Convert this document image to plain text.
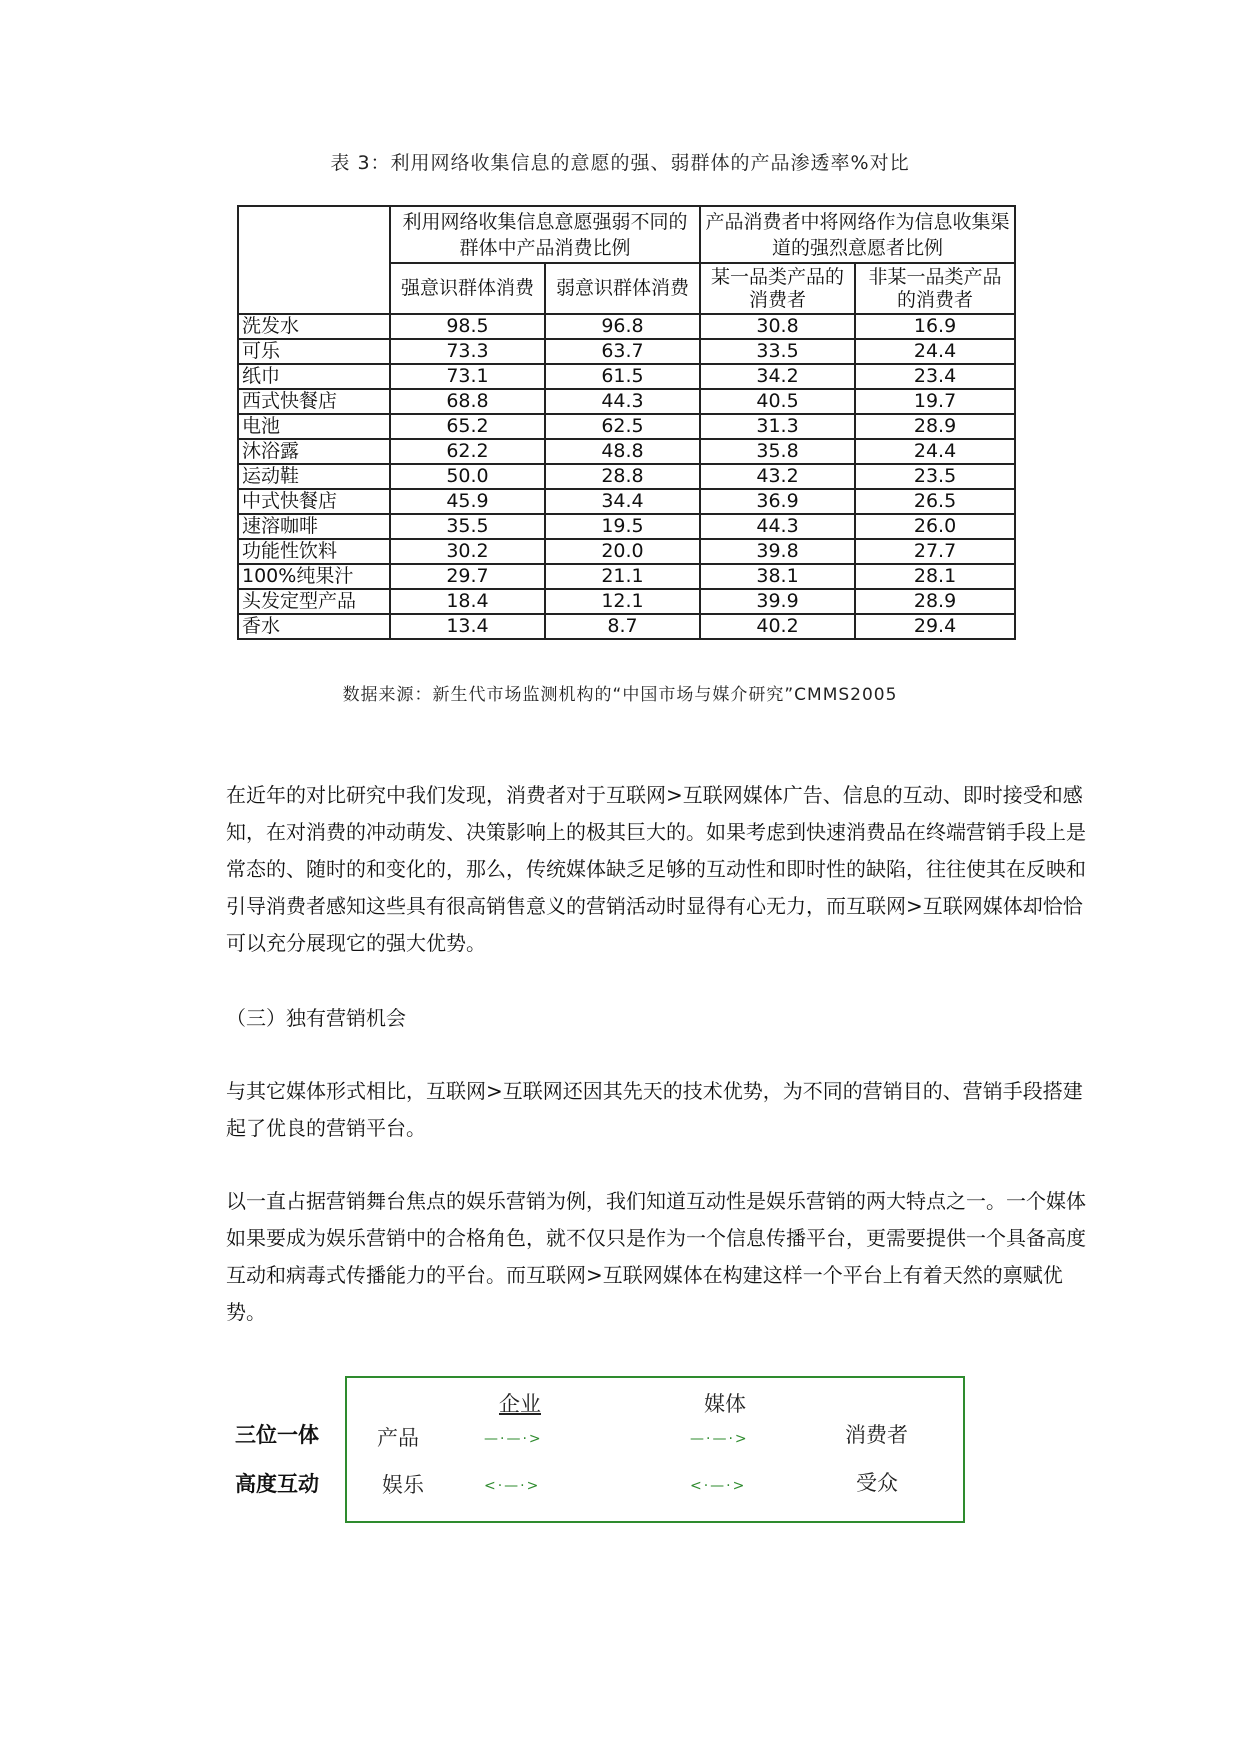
表 3：利用网络收集信息的意愿的强、弱群体的产品渗透率%对比
	利用网络收集信息意愿强弱不同的群体中产品消费比例		产品消费者中将网络作为信息收集渠道的强烈意愿者比例	
	强意识群体消费	弱意识群体消费	某一品类产品的消费者	非某一品类产品的消费者
洗发水	98.5	96.8	30.8	16.9
可乐	73.3	63.7	33.5	24.4
纸巾	73.1	61.5	34.2	23.4
西式快餐店	68.8	44.3	40.5	19.7
电池	65.2	62.5	31.3	28.9
沐浴露	62.2	48.8	35.8	24.4
运动鞋	50.0	28.8	43.2	23.5
中式快餐店	45.9	34.4	36.9	26.5
速溶咖啡	35.5	19.5	44.3	26.0
功能性饮料	30.2	20.0	39.8	27.7
100%纯果汁	29.7	21.1	38.1	28.1
头发定型产品	18.4	12.1	39.9	28.9
香水	13.4	8.7	40.2	29.4
数据来源：新生代市场监测机构的“中国市场与媒介研究”CMMS2005
在近年的对比研究中我们发现，消费者对于互联网>互联网媒体广告、信息的互动、即时接受和感知，在对消费的冲动萌发、决策影响上的极其巨大的。如果考虑到快速消费品在终端营销手段上是常态的、随时的和变化的，那么，传统媒体缺乏足够的互动性和即时性的缺陷，往往使其在反映和引导消费者感知这些具有很高销售意义的营销活动时显得有心无力，而互联网>互联网媒体却恰恰可以充分展现它的强大优势。
（三）独有营销机会
与其它媒体形式相比，互联网>互联网还因其先天的技术优势，为不同的营销目的、营销手段搭建起了优良的营销平台。
以一直占据营销舞台焦点的娱乐营销为例，我们知道互动性是娱乐营销的两大特点之一。一个媒体如果要成为娱乐营销中的合格角色，就不仅只是作为一个信息传播平台，更需要提供一个具备高度互动和病毒式传播能力的平台。而互联网>互联网媒体在构建这样一个平台上有着天然的禀赋优势。
三位一体
高度互动
企业	媒体
产品
娱乐
消费者
受众
—·—·>	—·—·>
<·—·>	<·—·>
